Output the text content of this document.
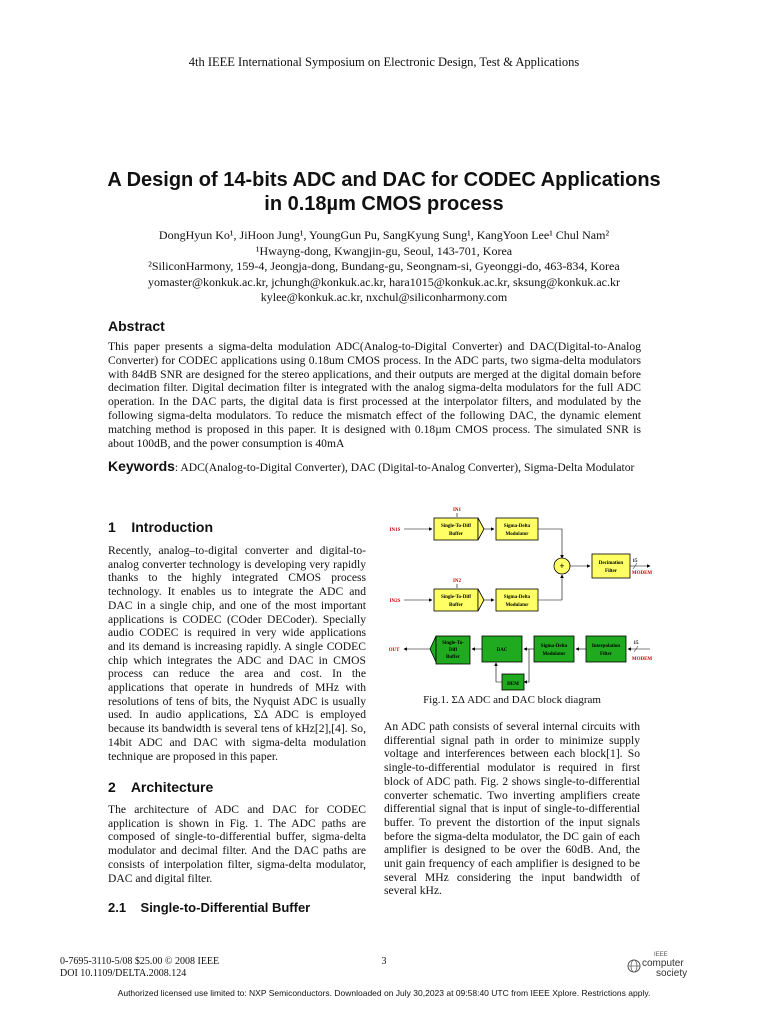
4th IEEE International Symposium on Electronic Design, Test & Applications
A Design of 14-bits ADC and DAC for CODEC Applications
in 0.18µm CMOS process
DongHyun Ko¹, JiHoon Jung¹, YoungGun Pu, SangKyung Sung¹, KangYoon Lee¹ Chul Nam²
¹Hwayng-dong, Kwangjin-gu, Seoul, 143-701, Korea
²SiliconHarmony, 159-4, Jeongja-dong, Bundang-gu, Seongnam-si, Gyeonggi-do, 463-834, Korea
yomaster@konkuk.ac.kr, jchungh@konkuk.ac.kr, hara1015@konkuk.ac.kr, sksung@konkuk.ac.kr
kylee@konkuk.ac.kr, nxchul@siliconharmony.com
Abstract

This paper presents a sigma-delta modulation ADC(Analog-to-Digital Converter) and DAC(Digital-to-Analog Converter) for CODEC applications using 0.18um CMOS process. In the ADC parts, two sigma-delta modulators with 84dB SNR are designed for the stereo applications, and their outputs are merged at the digital domain before decimation filter. Digital decimation filter is integrated with the analog sigma-delta modulators for the full ADC operation. In the DAC parts, the digital data is first processed at the interpolator filters, and modulated by the following sigma-delta modulators. To reduce the mismatch effect of the following DAC, the dynamic element matching method is proposed in this paper. It is designed with 0.18µm CMOS process. The simulated SNR is about 100dB, and the power consumption is 40mA

Keywords: ADC(Analog-to-Digital Converter), DAC (Digital-to-Analog Converter), Sigma-Delta Modulator
1    Introduction

Recently, analog–to-digital converter and digital-to-analog converter technology is developing very rapidly thanks to the highly integrated CMOS process technology. It enables us to integrate the ADC and DAC in a single chip, and one of the most important applications is CODEC (COder DECoder). Specially audio CODEC is required in very wide applications and its demand is increasing rapidly. A single CODEC chip which integrates the ADC and DAC in CMOS process can reduce the area and cost. In the applications that operate in hundreds of MHz with resolutions of tens of bits, the Nyquist ADC is usually used. In audio applications, ΣΔ ADC is employed because its bandwidth is several tens of kHz[2],[4]. So, 14bit ADC and DAC with sigma-delta modulation technique are proposed in this paper.

2    Architecture

The architecture of ADC and DAC for CODEC application is shown in Fig. 1. The ADC paths are composed of single-to-differential buffer, sigma-delta modulator and decimal filter. And the DAC paths are consists of interpolation filter, sigma-delta modulator, DAC and digital filter.

2.1    Single-to-Differential Buffer

An ADC path consists of several internal circuits with differential signal path in order to minimize supply voltage and interferences between each block[1]. So single-to-differential modulator is required in first block of ADC path. Fig. 2 shows single-to-differential converter schematic. Two inverting amplifiers create differential signal that is input of single-to-differential buffer. To prevent the distortion of the input signals before the sigma-delta modulator, the DC gain of each amplifier is designed to be over the 60dB. And, the unit gain frequency of each amplifier is designed to be several MHz considering the input bandwidth of several kHz.

IN1
IN1S
Single-To-Diff
Buffer
Sigma-Delta
Modulator
+	Decimation
Filter
15
MODEM
IN2
IN2S
Single-To-Diff
Buffer
Sigma-Delta
Modulator
OUT
Single-To-
Diff
Buffer
DAC
Sigma-Delta
Modulator
Interpolation
Filter
15
MODEM
DEM
Fig.1. ΣΔ ADC and DAC block diagram
0-7695-3110-5/08 $25.00 © 2008 IEEE
DOI 10.1109/DELTA.2008.124
3
IEEE
computer
society
Authorized licensed use limited to: NXP Semiconductors. Downloaded on July 30,2023 at 09:58:40 UTC from IEEE Xplore. Restrictions apply.
